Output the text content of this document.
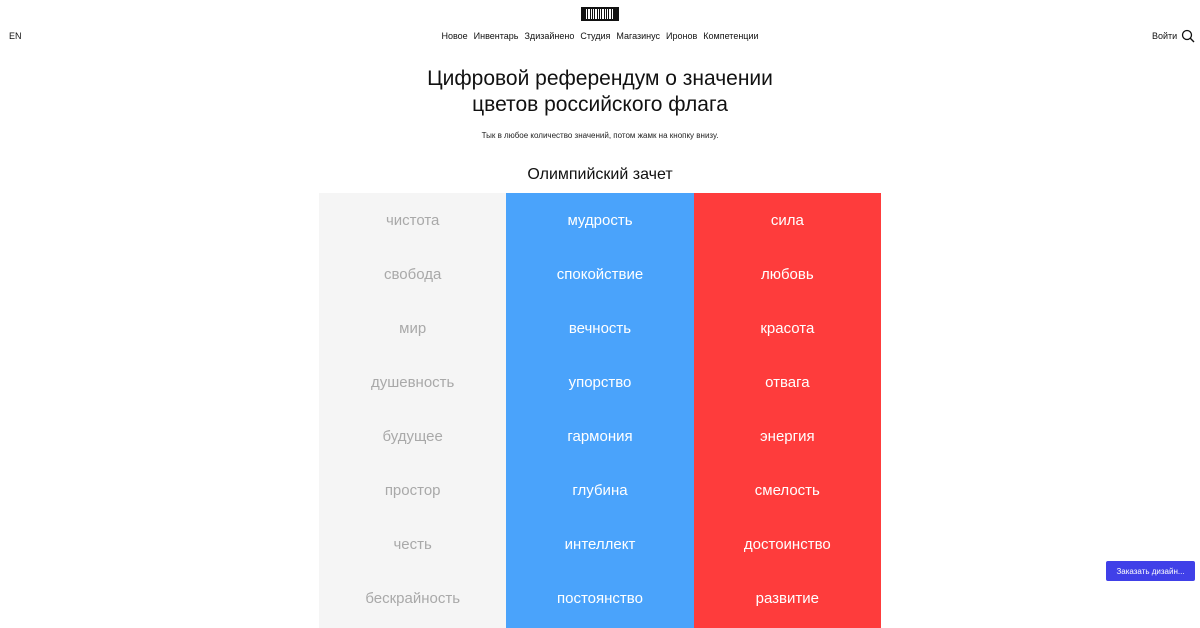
EN	Новое Инвентарь Здизайнено Студия Магазинус Иронов Компетенции	Войти
Цифровой референдум о значении
цветов российского флага
Тык в любое количество значений, потом жамк на кнопку внизу.
Олимпийский зачет
чистота
свобода
мир
душевность
будущее
простор
честь
бескрайность
мудрость
спокойствие
вечность
упорство
гармония
глубина
интеллект
постоянство
сила
любовь
красота
отвага
энергия
смелость
достоинство
развитие
Заказать дизайн...
